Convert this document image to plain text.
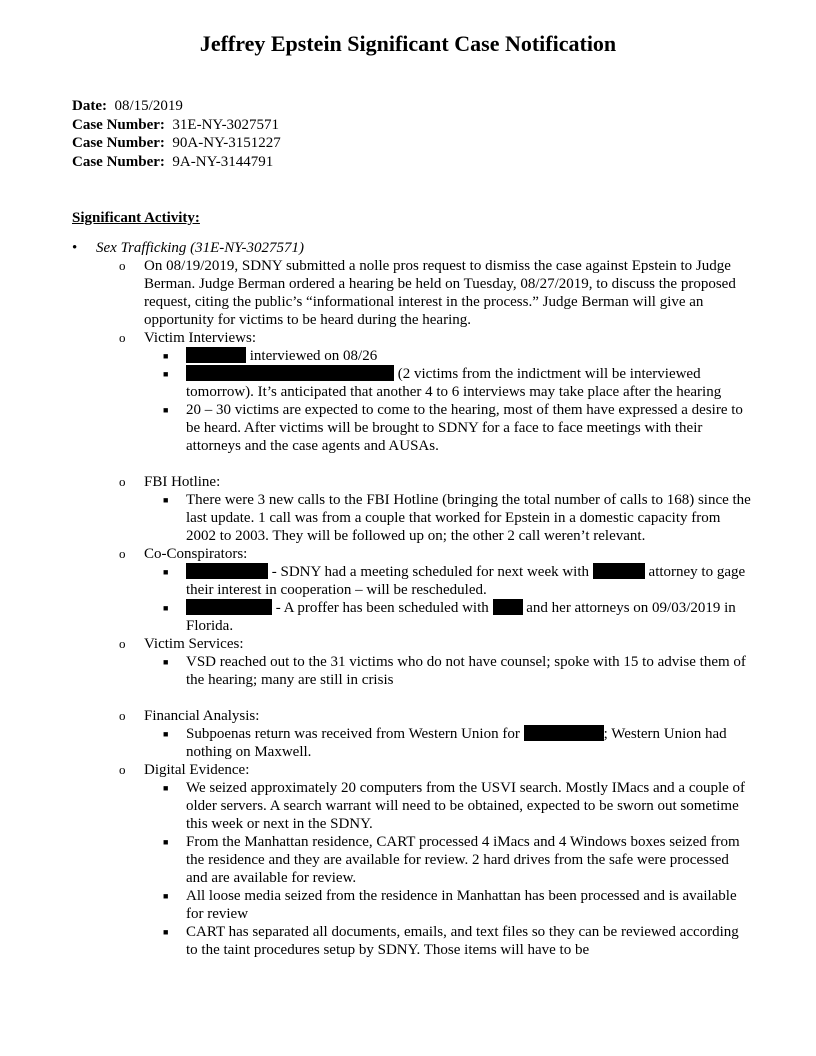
Jeffrey Epstein Significant Case Notification
Date: 08/15/2019
Case Number: 31E-NY-3027571
Case Number: 90A-NY-3151227
Case Number: 9A-NY-3144791
Significant Activity:
• Sex Trafficking (31E-NY-3027571)
o On 08/19/2019, SDNY submitted a nolle pros request to dismiss the case against Epstein to Judge Berman. Judge Berman ordered a hearing be held on Tuesday, 08/27/2019, to discuss the proposed request, citing the public’s “informational interest in the process.” Judge Berman will give an opportunity for victims to be heard during the hearing.
o Victim Interviews:
■	interviewed on 08/26
■	(2 victims from the indictment will be interviewed tomorrow). It’s anticipated that another 4 to 6 interviews may take place after the hearing
■ 20 – 30 victims are expected to come to the hearing, most of them have expressed a desire to be heard. After victims will be brought to SDNY for a face to face meetings with their attorneys and the case agents and AUSAs.
o FBI Hotline:
■ There were 3 new calls to the FBI Hotline (bringing the total number of calls to 168) since the last update. 1 call was from a couple that worked for Epstein in a domestic capacity from 2002 to 2003. They will be followed up on; the other 2 call weren’t relevant.
o Co-Conspirators:
■	- SDNY had a meeting scheduled for next week with	attorney to gage their interest in cooperation – will be rescheduled.
■	- A proffer has been scheduled with	and her attorneys on 09/03/2019 in Florida.
o Victim Services:
■ VSD reached out to the 31 victims who do not have counsel; spoke with 15 to advise them of the hearing; many are still in crisis
o Financial Analysis:
■ Subpoenas return was received from Western Union for	; Western Union had nothing on Maxwell.
o Digital Evidence:
■ We seized approximately 20 computers from the USVI search. Mostly IMacs and a couple of older servers. A search warrant will need to be obtained, expected to be sworn out sometime this week or next in the SDNY.
■ From the Manhattan residence, CART processed 4 iMacs and 4 Windows boxes seized from the residence and they are available for review. 2 hard drives from the safe were processed and are available for review.
■ All loose media seized from the residence in Manhattan has been processed and is available for review
■ CART has separated all documents, emails, and text files so they can be reviewed according to the taint procedures setup by SDNY. Those items will have to be
